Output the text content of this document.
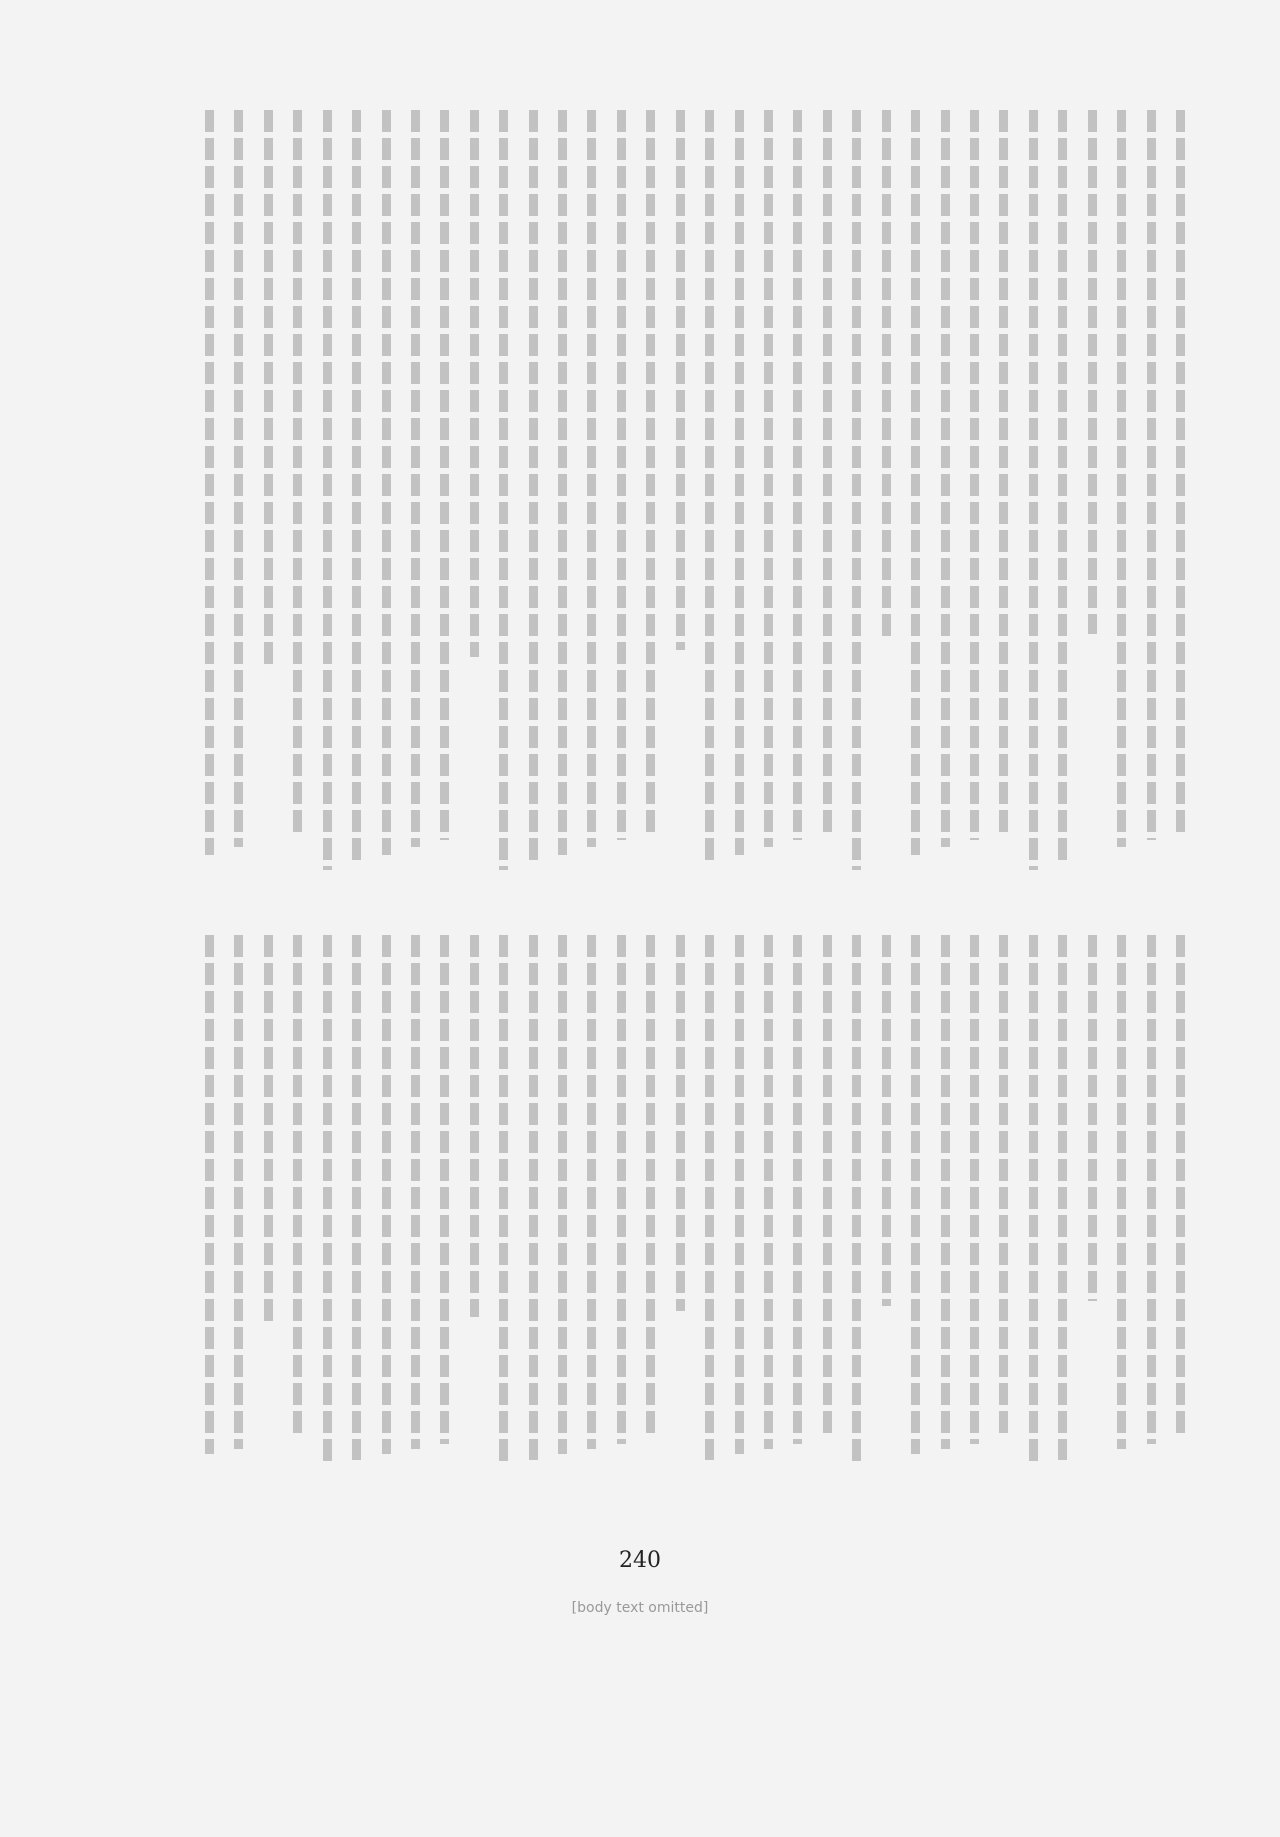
240
[body text omitted]
